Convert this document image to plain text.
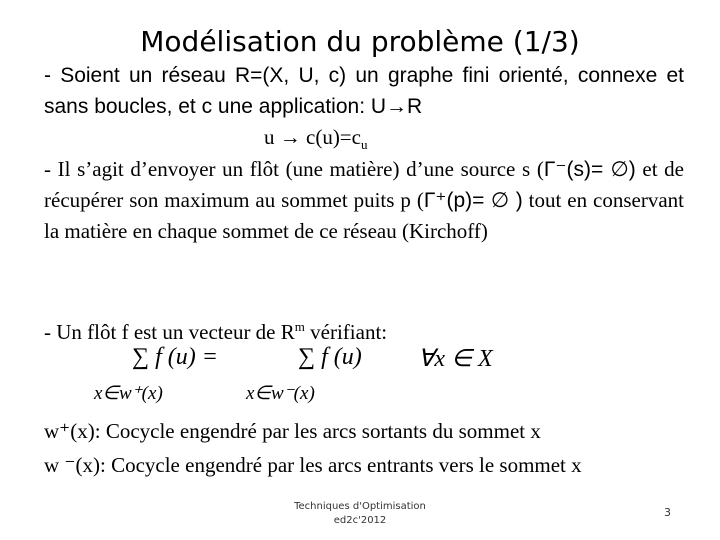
Modélisation du problème (1/3)
- Soient un réseau R=(X, U, c) un graphe fini orienté, connexe et sans boucles, et c une application: U→R
$u \to c(u)=c_u$
- Il s’agit d’envoyer un flôt (une matière) d’une source s (Γ⁻(s)= ∅) et de récupérer son maximum au sommet puits p (Γ⁺(p)= ∅ ) tout en conservant la matière en chaque sommet de ce réseau (Kirchoff)
- Un flôt f est un vecteur de $R^m$ vérifiant:
∑ f (u) =	∑ f (u) ∀x ∈ X
x∈w⁺(x)	x∈w⁻(x)
w⁺(x): Cocycle engendré par les arcs sortants du sommet x
w ⁻(x): Cocycle engendré par les arcs entrants vers le sommet x
Techniques d'Optimisation
ed2c'2012
3
